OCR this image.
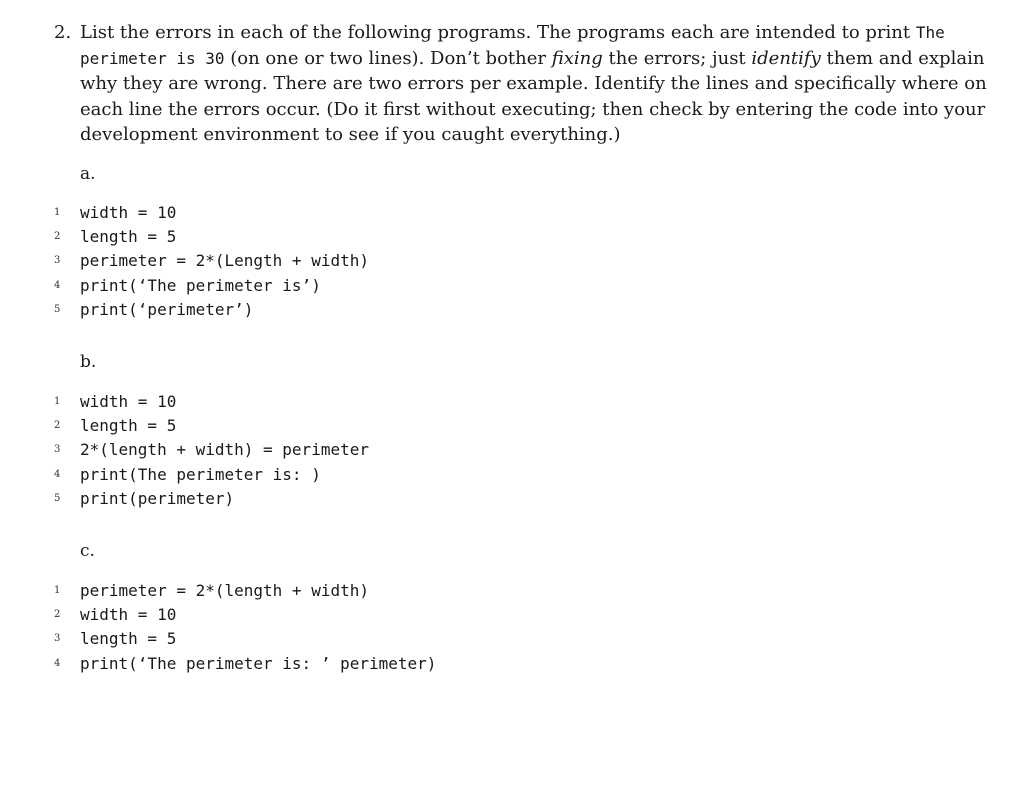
2. List the errors in each of the following programs. The programs each are intended to print The
perimeter is 30 (on one or two lines). Don’t bother fixing the errors; just identify them and explain why they are wrong. There are two errors per example. Identify the lines and specifically where on each line the errors occur. (Do it first without executing; then check by entering the code into your development environment to see if you caught everything.)
a.
1	width = 10
2	length = 5
3	perimeter = 2*(Length + width)
4	print(‘The perimeter is’)
5	print(‘perimeter’)
b.
1	width = 10
2	length = 5
3	2*(length + width) = perimeter
4	print(The perimeter is: )
5	print(perimeter)
c.
1	perimeter = 2*(length + width)
2	width = 10
3	length = 5
4	print(‘The perimeter is: ’ perimeter)
